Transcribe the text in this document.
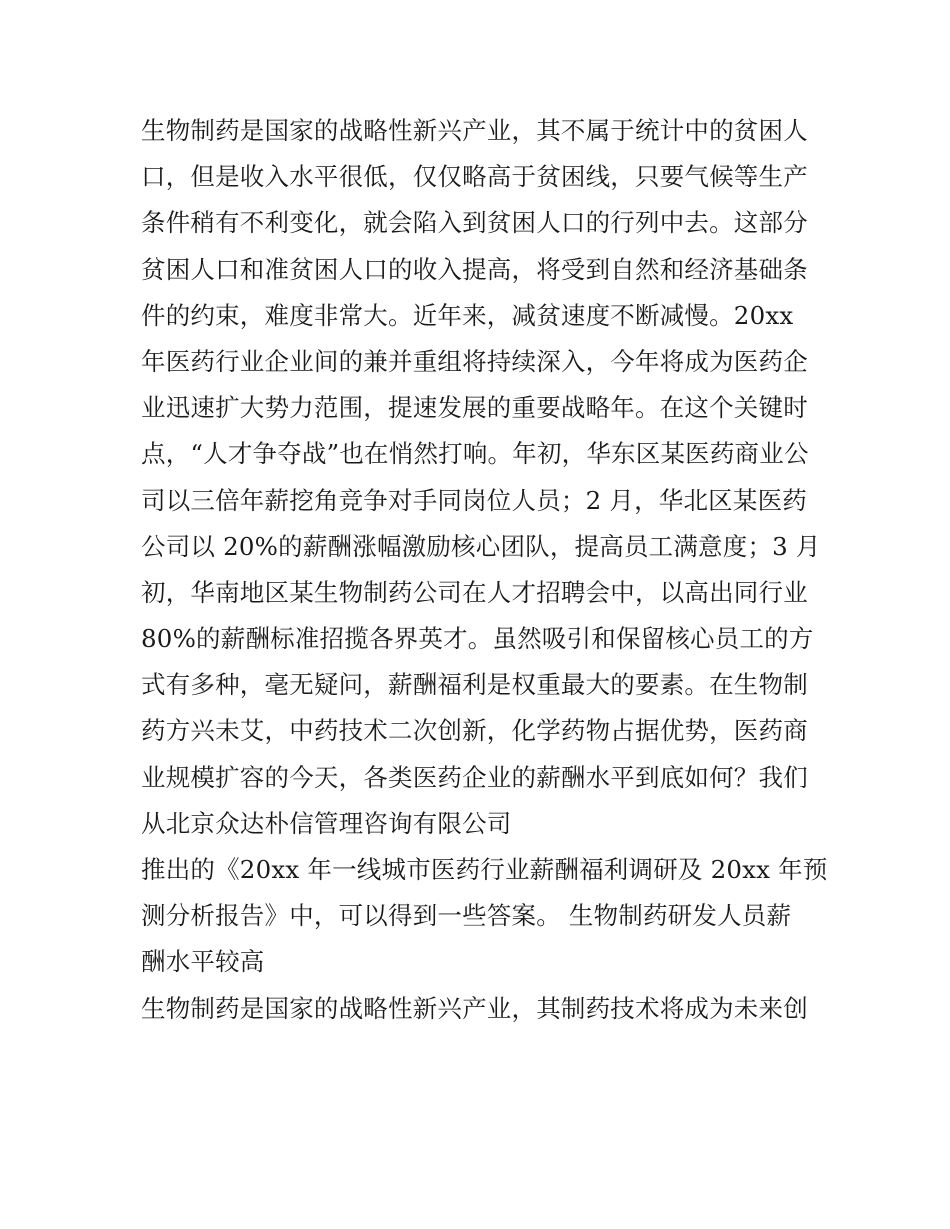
生物制药是国家的战略性新兴产业，其不属于统计中的贫困人
口，但是收入水平很低，仅仅略高于贫困线，只要气候等生产
条件稍有不利变化，就会陷入到贫困人口的行列中去。这部分
贫困人口和准贫困人口的收入提高，将受到自然和经济基础条
件的约束，难度非常大。近年来，减贫速度不断减慢。20xx
年医药行业企业间的兼并重组将持续深入，今年将成为医药企
业迅速扩大势力范围，提速发展的重要战略年。在这个关键时
点，“人才争夺战”也在悄然打响。年初，华东区某医药商业公
司以三倍年薪挖角竞争对手同岗位人员；2 月，华北区某医药
公司以 20%的薪酬涨幅激励核心团队，提高员工满意度；3 月
初，华南地区某生物制药公司在人才招聘会中，以高出同行业
80%的薪酬标准招揽各界英才。虽然吸引和保留核心员工的方
式有多种，毫无疑问，薪酬福利是权重最大的要素。在生物制
药方兴未艾，中药技术二次创新，化学药物占据优势，医药商
业规模扩容的今天，各类医药企业的薪酬水平到底如何？我们
从北京众达朴信管理咨询有限公司
推出的《20xx 年一线城市医药行业薪酬福利调研及 20xx 年预
测分析报告》中，可以得到一些答案。 生物制药研发人员薪
酬水平较高
生物制药是国家的战略性新兴产业，其制药技术将成为未来创
